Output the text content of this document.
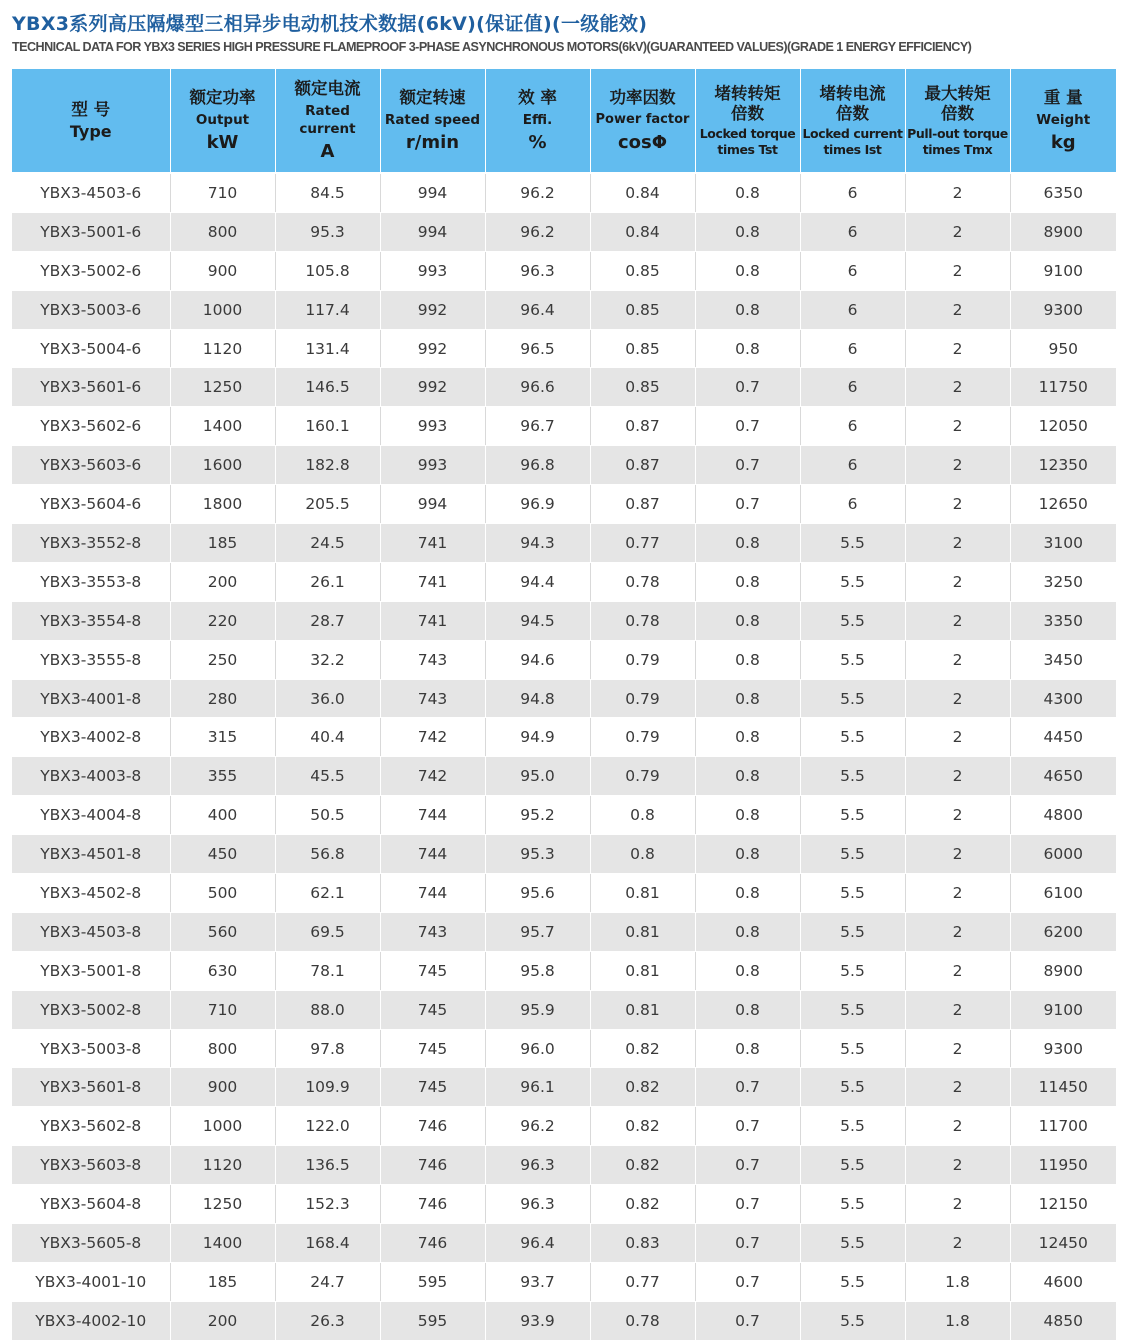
YBX3系列高压隔爆型三相异步电动机技术数据(6kV)(保证值)(一级能效)
TECHNICAL DATA FOR YBX3 SERIES HIGH PRESSURE FLAMEPROOF 3-PHASE ASYNCHRONOUS MOTORS(6kV)(GUARANTEED VALUES)(GRADE 1 ENERGY EFFICIENCY)
型 号
Type	额定功率
Output
kW	额定电流
Rated current
A	额定转速
Rated speed
r/min	效 率
Effi.
%	功率因数
Power factor
cosΦ	堵转转矩倍数
Locked torque times Tst	堵转电流倍数
Locked current times Ist	最大转矩倍数
Pull-out torque times Tmx	重 量
Weight
kg

YBX3-4503-6	710	84.5	994	96.2	0.84	0.8	6	2	6350
YBX3-5001-6	800	95.3	994	96.2	0.84	0.8	6	2	8900
YBX3-5002-6	900	105.8	993	96.3	0.85	0.8	6	2	9100
YBX3-5003-6	1000	117.4	992	96.4	0.85	0.8	6	2	9300
YBX3-5004-6	1120	131.4	992	96.5	0.85	0.8	6	2	950
YBX3-5601-6	1250	146.5	992	96.6	0.85	0.7	6	2	11750
YBX3-5602-6	1400	160.1	993	96.7	0.87	0.7	6	2	12050
YBX3-5603-6	1600	182.8	993	96.8	0.87	0.7	6	2	12350
YBX3-5604-6	1800	205.5	994	96.9	0.87	0.7	6	2	12650
YBX3-3552-8	185	24.5	741	94.3	0.77	0.8	5.5	2	3100
YBX3-3553-8	200	26.1	741	94.4	0.78	0.8	5.5	2	3250
YBX3-3554-8	220	28.7	741	94.5	0.78	0.8	5.5	2	3350
YBX3-3555-8	250	32.2	743	94.6	0.79	0.8	5.5	2	3450
YBX3-4001-8	280	36.0	743	94.8	0.79	0.8	5.5	2	4300
YBX3-4002-8	315	40.4	742	94.9	0.79	0.8	5.5	2	4450
YBX3-4003-8	355	45.5	742	95.0	0.79	0.8	5.5	2	4650
YBX3-4004-8	400	50.5	744	95.2	0.8	0.8	5.5	2	4800
YBX3-4501-8	450	56.8	744	95.3	0.8	0.8	5.5	2	6000
YBX3-4502-8	500	62.1	744	95.6	0.81	0.8	5.5	2	6100
YBX3-4503-8	560	69.5	743	95.7	0.81	0.8	5.5	2	6200
YBX3-5001-8	630	78.1	745	95.8	0.81	0.8	5.5	2	8900
YBX3-5002-8	710	88.0	745	95.9	0.81	0.8	5.5	2	9100
YBX3-5003-8	800	97.8	745	96.0	0.82	0.8	5.5	2	9300
YBX3-5601-8	900	109.9	745	96.1	0.82	0.7	5.5	2	11450
YBX3-5602-8	1000	122.0	746	96.2	0.82	0.7	5.5	2	11700
YBX3-5603-8	1120	136.5	746	96.3	0.82	0.7	5.5	2	11950
YBX3-5604-8	1250	152.3	746	96.3	0.82	0.7	5.5	2	12150
YBX3-5605-8	1400	168.4	746	96.4	0.83	0.7	5.5	2	12450
YBX3-4001-10	185	24.7	595	93.7	0.77	0.7	5.5	1.8	4600
YBX3-4002-10	200	26.3	595	93.9	0.78	0.7	5.5	1.8	4850
